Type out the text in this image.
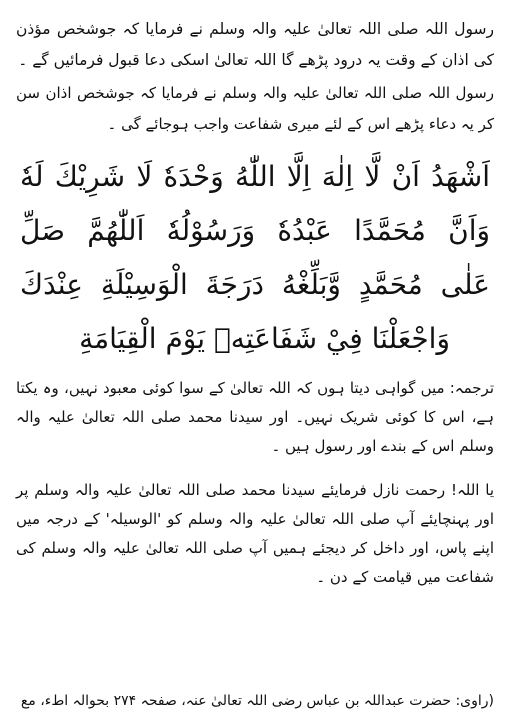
رسول اللہ صلی اللہ تعالیٰ علیہ والہ وسلم نے فرمایا کہ جوشخص مؤذن کی اذان کے وقت یہ درود پڑھے گا اللہ تعالیٰ اسکی دعا قبول فرمائیں گے ۔

رسول اللہ صلی اللہ تعالیٰ علیہ والہ وسلم نے فرمایا کہ جوشخص اذان سن کر یہ دعاء پڑھے اس کے لئے میری شفاعت واجب ہوجائے گی ۔

اَشْهَدُ اَنْ لَّا اِلٰهَ اِلَّا اللّٰهُ وَحْدَهٗ لَا شَرِيْكَ لَهٗ
وَاَنَّ مُحَمَّدًا عَبْدُهٗ وَرَسُوْلُهٗ اَللّٰهُمَّ صَلِّ
عَلٰى مُحَمَّدٍ وَّبَلِّغْهُ دَرَجَةَ الْوَسِيْلَةِ عِنْدَكَ
وَاجْعَلْنَا فِيْ شَفَاعَتِهٖ يَوْمَ الْقِيَامَةِ

ترجمہ: میں گواہی دیتا ہوں کہ اللہ تعالیٰ کے سوا کوئی معبود نہیں، وہ یکتا ہے، اس کا کوئی شریک نہیں۔ اور سیدنا محمد صلی اللہ تعالیٰ علیہ والہ وسلم اس کے بندے اور رسول ہیں ۔

یا اللہ! رحمت نازل فرمایئے سیدنا محمد صلی اللہ تعالیٰ علیہ والہ وسلم پر اور پہنچایئے آپ صلی اللہ تعالیٰ علیہ والہ وسلم کو 'الوسیلہ' کے درجہ میں اپنے پاس، اور داخل کر دیجئے ہمیں آپ صلی اللہ تعالیٰ علیہ والہ وسلم کی شفاعت میں قیامت کے دن ۔

(راوی: حضرت عبداللہ بن عباس رضی اللہ تعالیٰ عنہ، صفحہ ۲۷۴ بحوالہ اطء، مع
